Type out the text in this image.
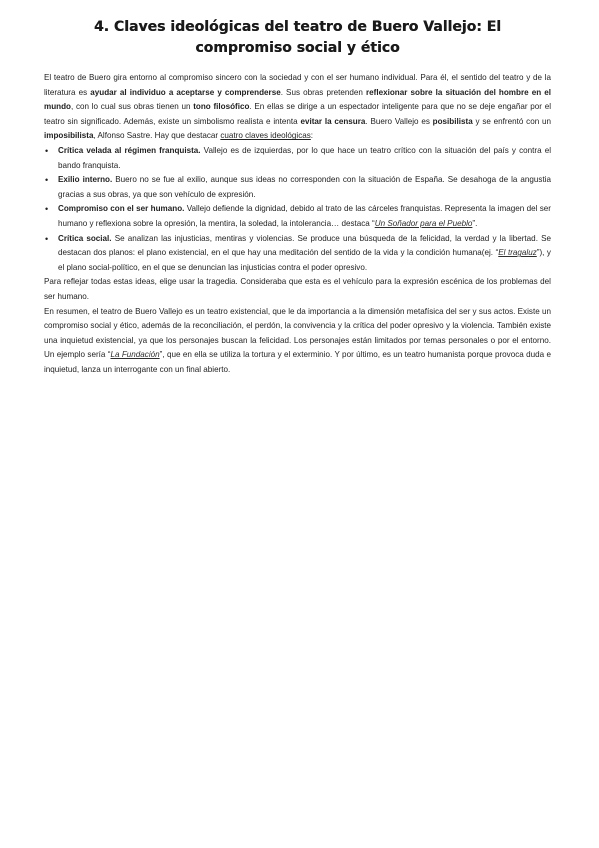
4. Claves ideológicas del teatro de Buero Vallejo: El compromiso social y ético

El teatro de Buero gira entorno al compromiso sincero con la sociedad y con el ser humano individual. Para él, el sentido del teatro y de la literatura es ayudar al individuo a aceptarse y comprenderse. Sus obras pretenden reflexionar sobre la situación del hombre en el mundo, con lo cual sus obras tienen un tono filosófico. En ellas se dirige a un espectador inteligente para que no se deje engañar por el teatro sin significado. Además, existe un simbolismo realista e intenta evitar la censura. Buero Vallejo es posibilista y se enfrentó con un imposibilista, Alfonso Sastre. Hay que destacar cuatro claves ideológicas:

• Crítica velada al régimen franquista. Vallejo es de izquierdas, por lo que hace un teatro crítico con la situación del país y contra el bando franquista.
• Exilio interno. Buero no se fue al exilio, aunque sus ideas no corresponden con la situación de España. Se desahoga de la angustia gracias a sus obras, ya que son vehículo de expresión.
• Compromiso con el ser humano. Vallejo defiende la dignidad, debido al trato de las cárceles franquistas. Representa la imagen del ser humano y reflexiona sobre la opresión, la mentira, la soledad, la intolerancia… destaca “Un Soñador para el Pueblo”.
• Crítica social. Se analizan las injusticias, mentiras y violencias. Se produce una búsqueda de la felicidad, la verdad y la libertad. Se destacan dos planos: el plano existencial, en el que hay una meditación del sentido de la vida y la condición humana(ej. “El tragaluz”), y el plano social-político, en el que se denuncian las injusticias contra el poder opresivo.

Para reflejar todas estas ideas, elige usar la tragedia. Consideraba que esta es el vehículo para la expresión escénica de los problemas del ser humano.

En resumen, el teatro de Buero Vallejo es un teatro existencial, que le da importancia a la dimensión metafísica del ser y sus actos. Existe un compromiso social y ético, además de la reconciliación, el perdón, la convivencia y la crítica del poder opresivo y la violencia. También existe una inquietud existencial, ya que los personajes buscan la felicidad. Los personajes están limitados por temas personales o por el entorno. Un ejemplo sería “La Fundación”, que en ella se utiliza la tortura y el exterminio. Y por último, es un teatro humanista porque provoca duda e inquietud, lanza un interrogante con un final abierto.
